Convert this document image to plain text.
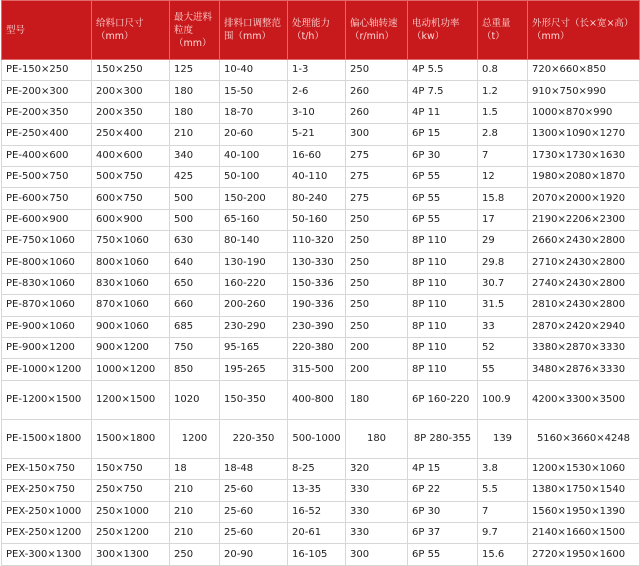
型号	给料口尺寸（mm）	最大进料粒度（mm）	排料口调整范围（mm）	处理能力（t/h）	偏心轴转速（r/min）	电动机功率（kw）	总重量（t）	外形尺寸（长×宽×高）（mm）
PE-150×250	150×250	125	10-40	1-3	250	4P 5.5	0.8	720×660×850
PE-200×300	200×300	180	15-50	2-6	260	4P 7.5	1.2	910×750×990
PE-200×350	200×350	180	18-70	3-10	260	4P 11	1.5	1000×870×990
PE-250×400	250×400	210	20-60	5-21	300	6P 15	2.8	1300×1090×1270
PE-400×600	400×600	340	40-100	16-60	275	6P 30	7	1730×1730×1630
PE-500×750	500×750	425	50-100	40-110	275	6P 55	12	1980×2080×1870
PE-600×750	600×750	500	150-200	80-240	275	6P 55	15.8	2070×2000×1920
PE-600×900	600×900	500	65-160	50-160	250	6P 55	17	2190×2206×2300
PE-750×1060	750×1060	630	80-140	110-320	250	8P 110	29	2660×2430×2800
PE-800×1060	800×1060	640	130-190	130-330	250	8P 110	29.8	2710×2430×2800
PE-830×1060	830×1060	650	160-220	150-336	250	8P 110	30.7	2740×2430×2800
PE-870×1060	870×1060	660	200-260	190-336	250	8P 110	31.5	2810×2430×2800
PE-900×1060	900×1060	685	230-290	230-390	250	8P 110	33	2870×2420×2940
PE-900×1200	900×1200	750	95-165	220-380	200	8P 110	52	3380×2870×3330
PE-1000×1200	1000×1200	850	195-265	315-500	200	8P 110	55	3480×2876×3330
PE-1200×1500	1200×1500	1020	150-350	400-800	180	6P 160-220	100.9	4200×3300×3500
PE-1500×1800	1500×1800	1200	220-350	500-1000	180	8P 280-355	139	5160×3660×4248
PEX-150×750	150×750	18	18-48	8-25	320	4P 15	3.8	1200×1530×1060
PEX-250×750	250×750	210	25-60	13-35	330	6P 22	5.5	1380×1750×1540
PEX-250×1000	250×1000	210	25-60	16-52	330	6P 30	7	1560×1950×1390
PEX-250×1200	250×1200	210	25-60	20-61	330	6P 37	9.7	2140×1660×1500
PEX-300×1300	300×1300	250	20-90	16-105	300	6P 55	15.6	2720×1950×1600
